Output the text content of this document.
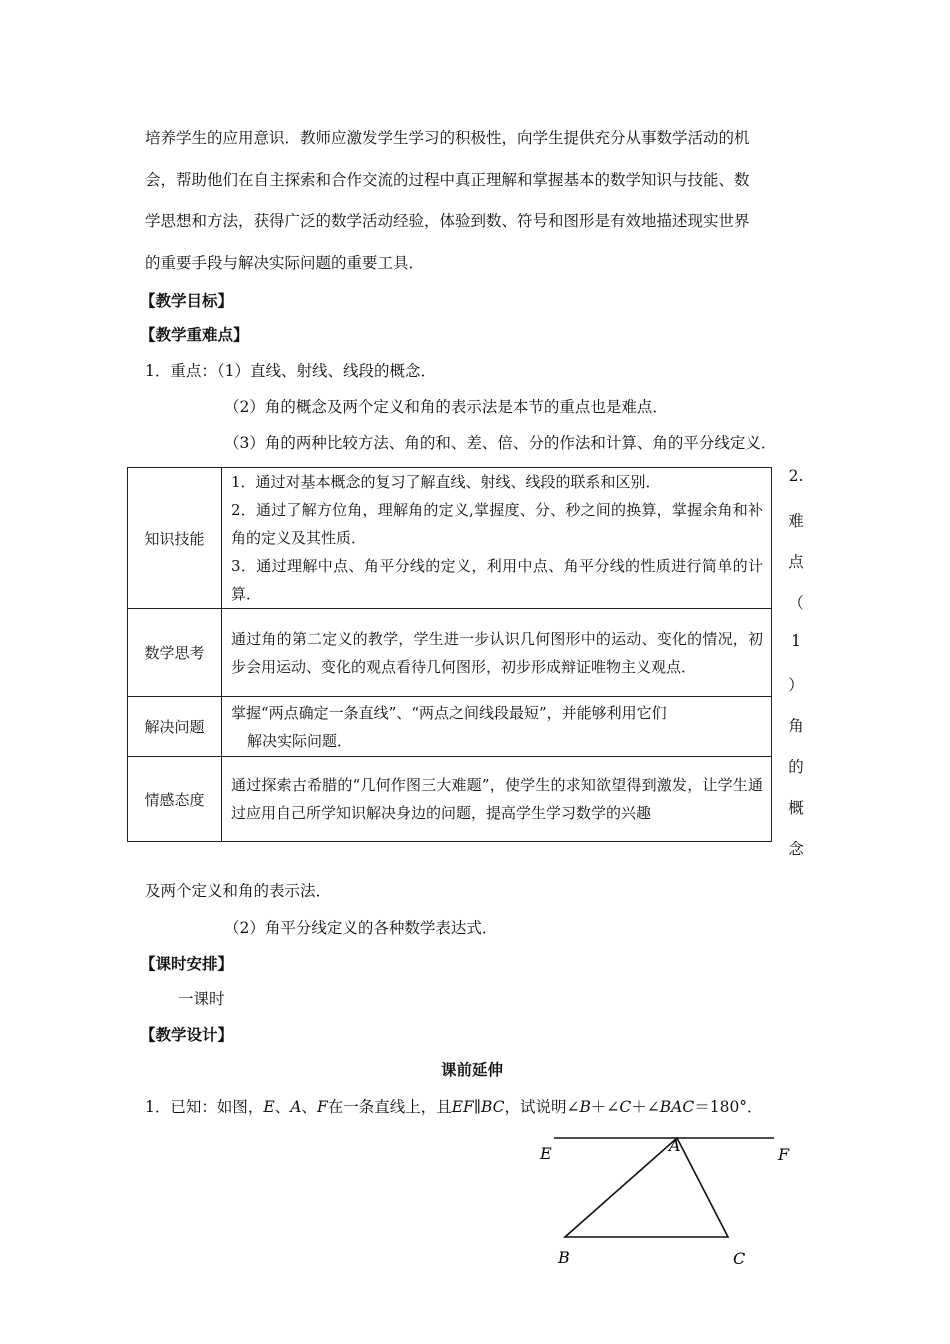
培养学生的应用意识．教师应激发学生学习的积极性，向学生提供充分从事数学活动的机
会，帮助他们在自主探索和合作交流的过程中真正理解和掌握基本的数学知识与技能、数
学思想和方法，获得广泛的数学活动经验，体验到数、符号和图形是有效地描述现实世界
的重要手段与解决实际问题的重要工具．
【教学目标】
【教学重难点】
1．重点：（1）直线、射线、线段的概念．
（2）角的概念及两个定义和角的表示法是本节的重点也是难点．
（3）角的两种比较方法、角的和、差、倍、分的作法和计算、角的平分线定义．
2.
难
点
（
1
）
角
的
概
念
知识技能	1．通过对基本概念的复习了解直线、射线、线段的联系和区别．
2．通过了解方位角，理解角的定义,掌握度、分、秒之间的换算，掌握余角和补角的定义及其性质．
3．通过理解中点、角平分线的定义，利用中点、角平分线的性质进行简单的计算．

数学思考	通过角的第二定义的教学，学生进一步认识几何图形中的运动、变化的情况，初步会用运动、变化的观点看待几何图形，初步形成辩证唯物主义观点．

解决问题	掌握“两点确定一条直线”、“两点之间线段最短”，并能够利用它们
解决实际问题．

情感态度	通过探索古希腊的“几何作图三大难题”，使学生的求知欲望得到激发，让学生通过应用自己所学知识解决身边的问题，提高学生学习数学的兴趣
及两个定义和角的表示法．
（2）角平分线定义的各种数学表达式．
【课时安排】
一课时
【教学设计】
课前延伸
1．已知：如图，E、A、F在一条直线上，且EF∥BC，试说明∠B＋∠C＋∠BAC＝180°．
E	A	F
B	C
